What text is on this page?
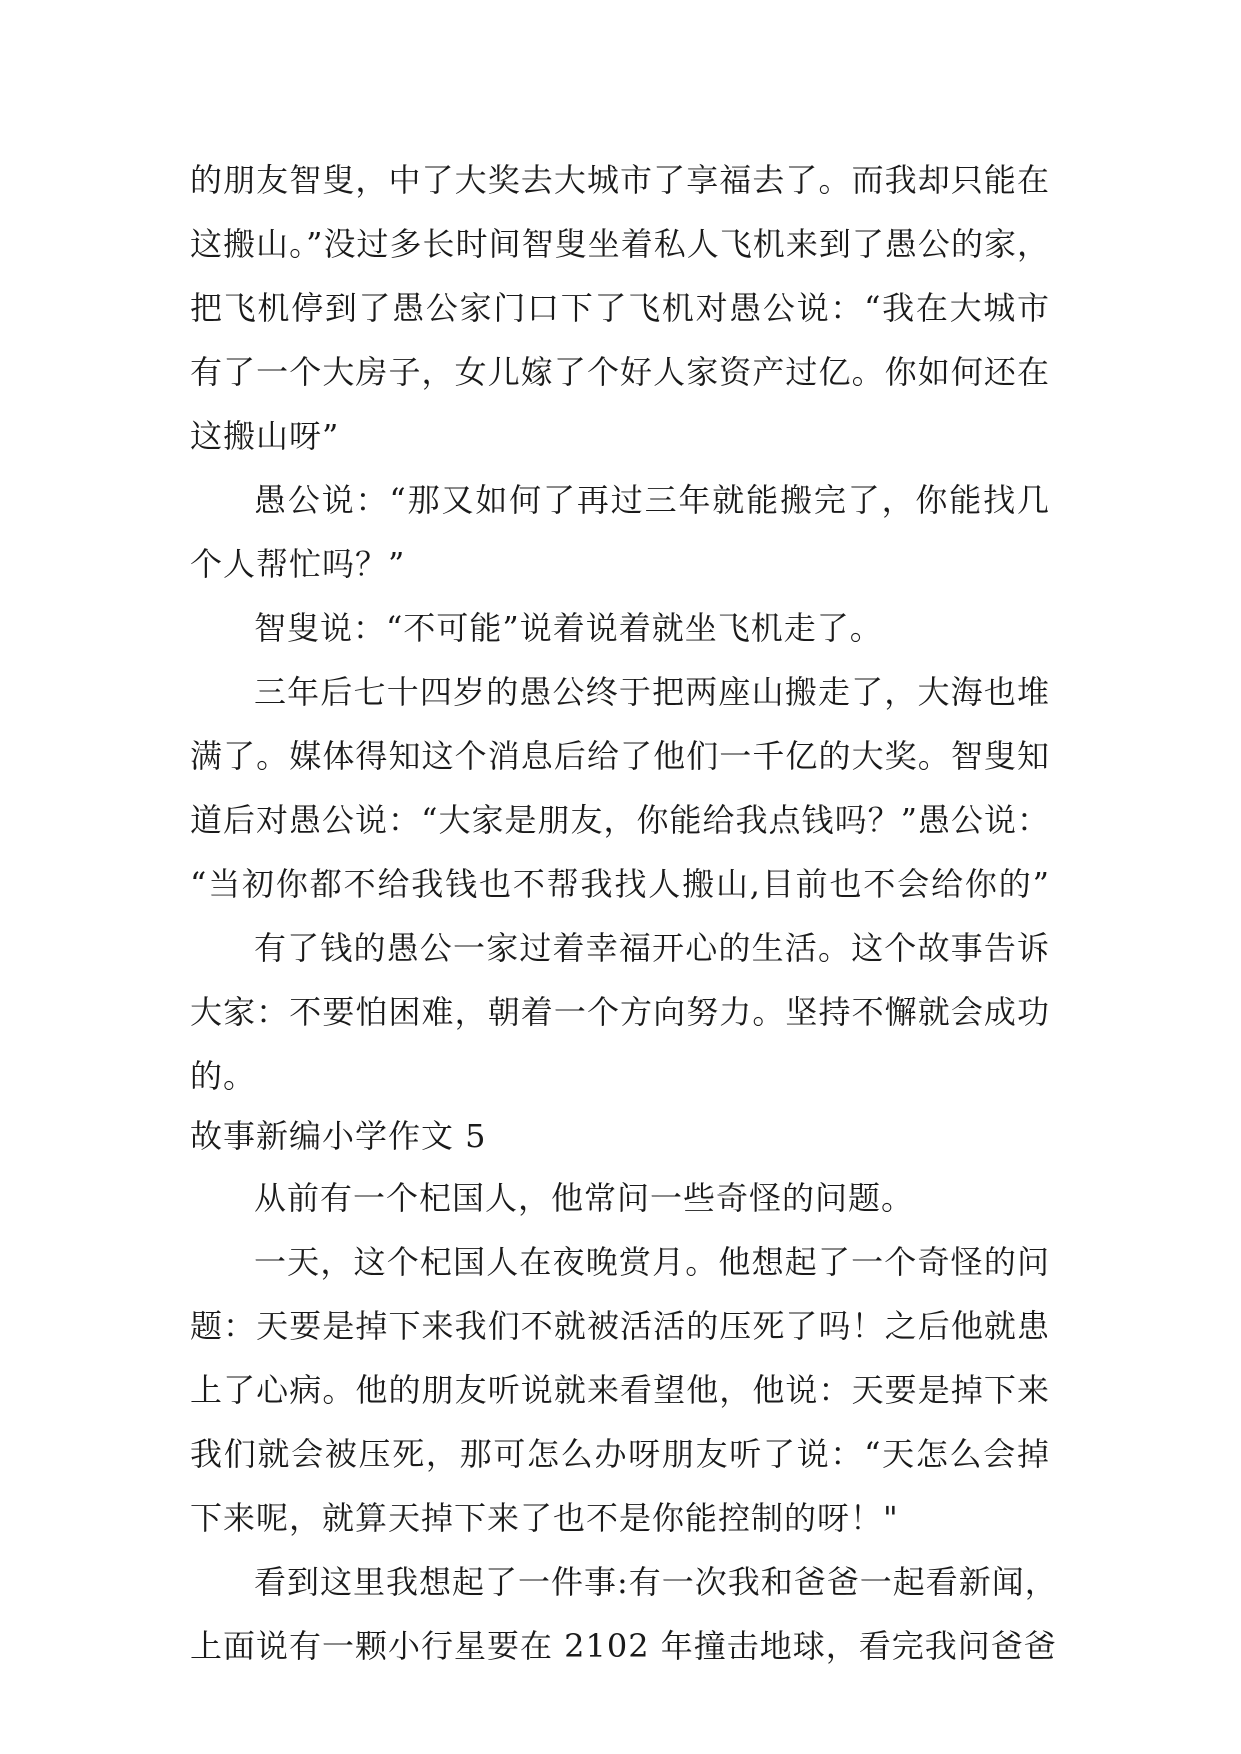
的朋友智叟，中了大奖去大城市了享福去了。而我却只能在
这搬山。”没过多长时间智叟坐着私人飞机来到了愚公的家，
把飞机停到了愚公家门口下了飞机对愚公说：“我在大城市
有了一个大房子，女儿嫁了个好人家资产过亿。你如何还在
这搬山呀”
愚公说：“那又如何了再过三年就能搬完了，你能找几
个人帮忙吗？”
智叟说：“不可能”说着说着就坐飞机走了。
三年后七十四岁的愚公终于把两座山搬走了，大海也堆
满了。媒体得知这个消息后给了他们一千亿的大奖。智叟知
道后对愚公说：“大家是朋友，你能给我点钱吗？”愚公说：
“当初你都不给我钱也不帮我找人搬山,目前也不会给你的”
有了钱的愚公一家过着幸福开心的生活。这个故事告诉
大家：不要怕困难，朝着一个方向努力。坚持不懈就会成功
的。
故事新编小学作文 5
从前有一个杞国人，他常问一些奇怪的问题。
一天，这个杞国人在夜晚赏月。他想起了一个奇怪的问
题：天要是掉下来我们不就被活活的压死了吗！之后他就患
上了心病。他的朋友听说就来看望他，他说：天要是掉下来
我们就会被压死，那可怎么办呀朋友听了说：“天怎么会掉
下来呢，就算天掉下来了也不是你能控制的呀！"
看到这里我想起了一件事:有一次我和爸爸一起看新闻，
上面说有一颗小行星要在 2102 年撞击地球，看完我问爸爸
